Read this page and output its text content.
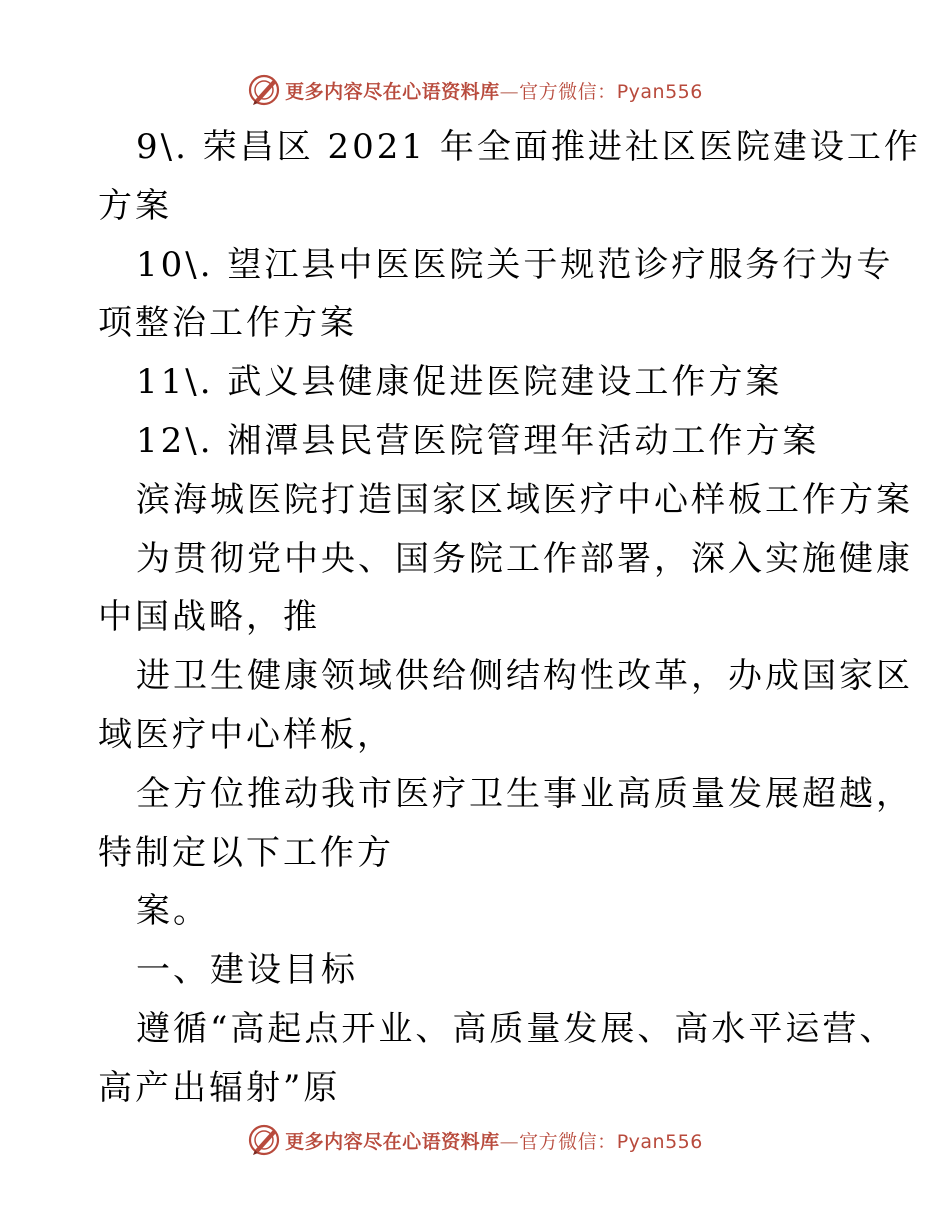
更多内容尽在心语资料库—官方微信：Pyan556
9\. 荣昌区 2021 年全面推进社区医院建设工作
方案
10\. 望江县中医医院关于规范诊疗服务行为专
项整治工作方案
11\. 武义县健康促进医院建设工作方案
12\. 湘潭县民营医院管理年活动工作方案
滨海城医院打造国家区域医疗中心样板工作方案
为贯彻党中央、国务院工作部署，深入实施健康
中国战略，推
进卫生健康领域供给侧结构性改革，办成国家区
域医疗中心样板，
全方位推动我市医疗卫生事业高质量发展超越，
特制定以下工作方
案。
一、建设目标
遵循“高起点开业、高质量发展、高水平运营、
高产出辐射”原
更多内容尽在心语资料库—官方微信：Pyan556
